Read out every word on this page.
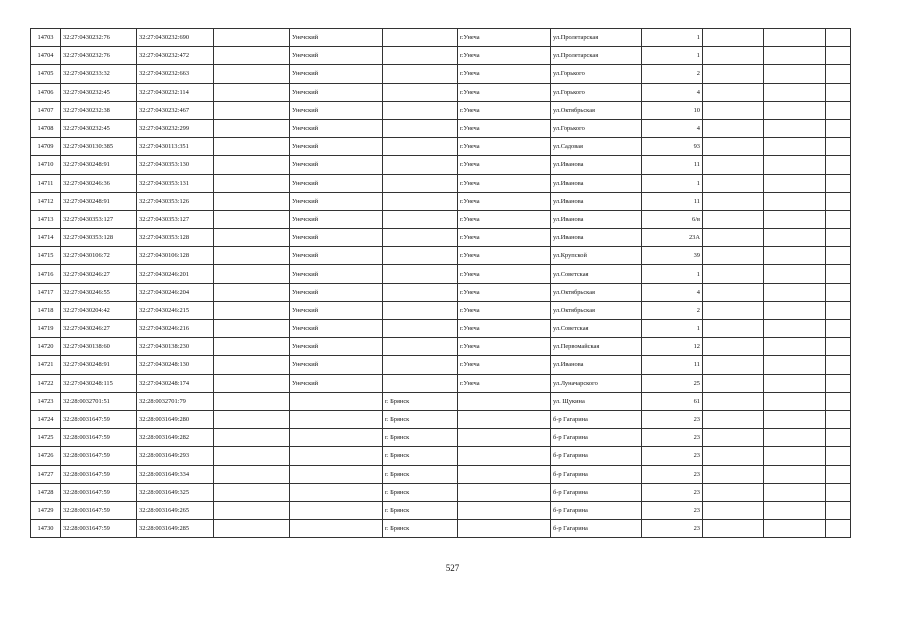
14703	32:27:0430232:76	32:27:0430232:690		Унечский		г.Унеча	ул.Пролетарская	1			
14704	32:27:0430232:76	32:27:0430232:472		Унечский		г.Унеча	ул.Пролетарская	1			
14705	32:27:0430233:32	32:27:0430232:663		Унечский		г.Унеча	ул.Горького	2			
14706	32:27:0430232:45	32:27:0430232:114		Унечский		г.Унеча	ул.Горького	4			
14707	32:27:0430232:38	32:27:0430232:467		Унечский		г.Унеча	ул.Октябрьская	10			
14708	32:27:0430232:45	32:27:0430232:299		Унечский		г.Унеча	ул.Горького	4			
14709	32:27:0430130:385	32:27:0430113:351		Унечский		г.Унеча	ул.Садовая	93			
14710	32:27:0430248:91	32:27:0430353:130		Унечский		г.Унеча	ул.Иванова	11			
14711	32:27:0430246:36	32:27:0430353:131		Унечский		г.Унеча	ул.Иванова	1			
14712	32:27:0430248:91	32:27:0430353:126		Унечский		г.Унеча	ул.Иванова	11			
14713	32:27:0430353:127	32:27:0430353:127		Унечский		г.Унеча	ул.Иванова	6/в			
14714	32:27:0430353:128	32:27:0430353:128		Унечский		г.Унеча	ул.Иванова	23А			
14715	32:27:0430106:72	32:27:0430106:128		Унечский		г.Унеча	ул.Крупской	39			
14716	32:27:0430246:27	32:27:0430246:201		Унечский		г.Унеча	ул.Советская	1			
14717	32:27:0430246:55	32:27:0430246:204		Унечский		г.Унеча	ул.Октябрьская	4			
14718	32:27:0430204:42	32:27:0430246:215		Унечский		г.Унеча	ул.Октябрьская	2			
14719	32:27:0430246:27	32:27:0430246:216		Унечский		г.Унеча	ул.Советская	1			
14720	32:27:0430138:60	32:27:0430138:230		Унечский		г.Унеча	ул.Первомайская	12			
14721	32:27:0430248:91	32:27:0430248:130		Унечский		г.Унеча	ул.Иванова	11			
14722	32:27:0430248:115	32:27:0430248:174		Унечский		г.Унеча	ул.Луначарского	25			
14723	32:28:0032701:51	32:28:0032701:79			г. Брянск		ул. Щукина	61			
14724	32:28:0031647:59	32:28:0031649:280			г. Брянск		б-р Гагарина	23			
14725	32:28:0031647:59	32:28:0031649:282			г. Брянск		б-р Гагарина	23			
14726	32:28:0031647:59	32:28:0031649:293			г. Брянск		б-р Гагарина	23			
14727	32:28:0031647:59	32:28:0031649:334			г. Брянск		б-р Гагарина	23			
14728	32:28:0031647:59	32:28:0031649:325			г. Брянск		б-р Гагарина	23			
14729	32:28:0031647:59	32:28:0031649:265			г. Брянск		б-р Гагарина	23			
14730	32:28:0031647:59	32:28:0031649:285			г. Брянск		б-р Гагарина	23			
527
